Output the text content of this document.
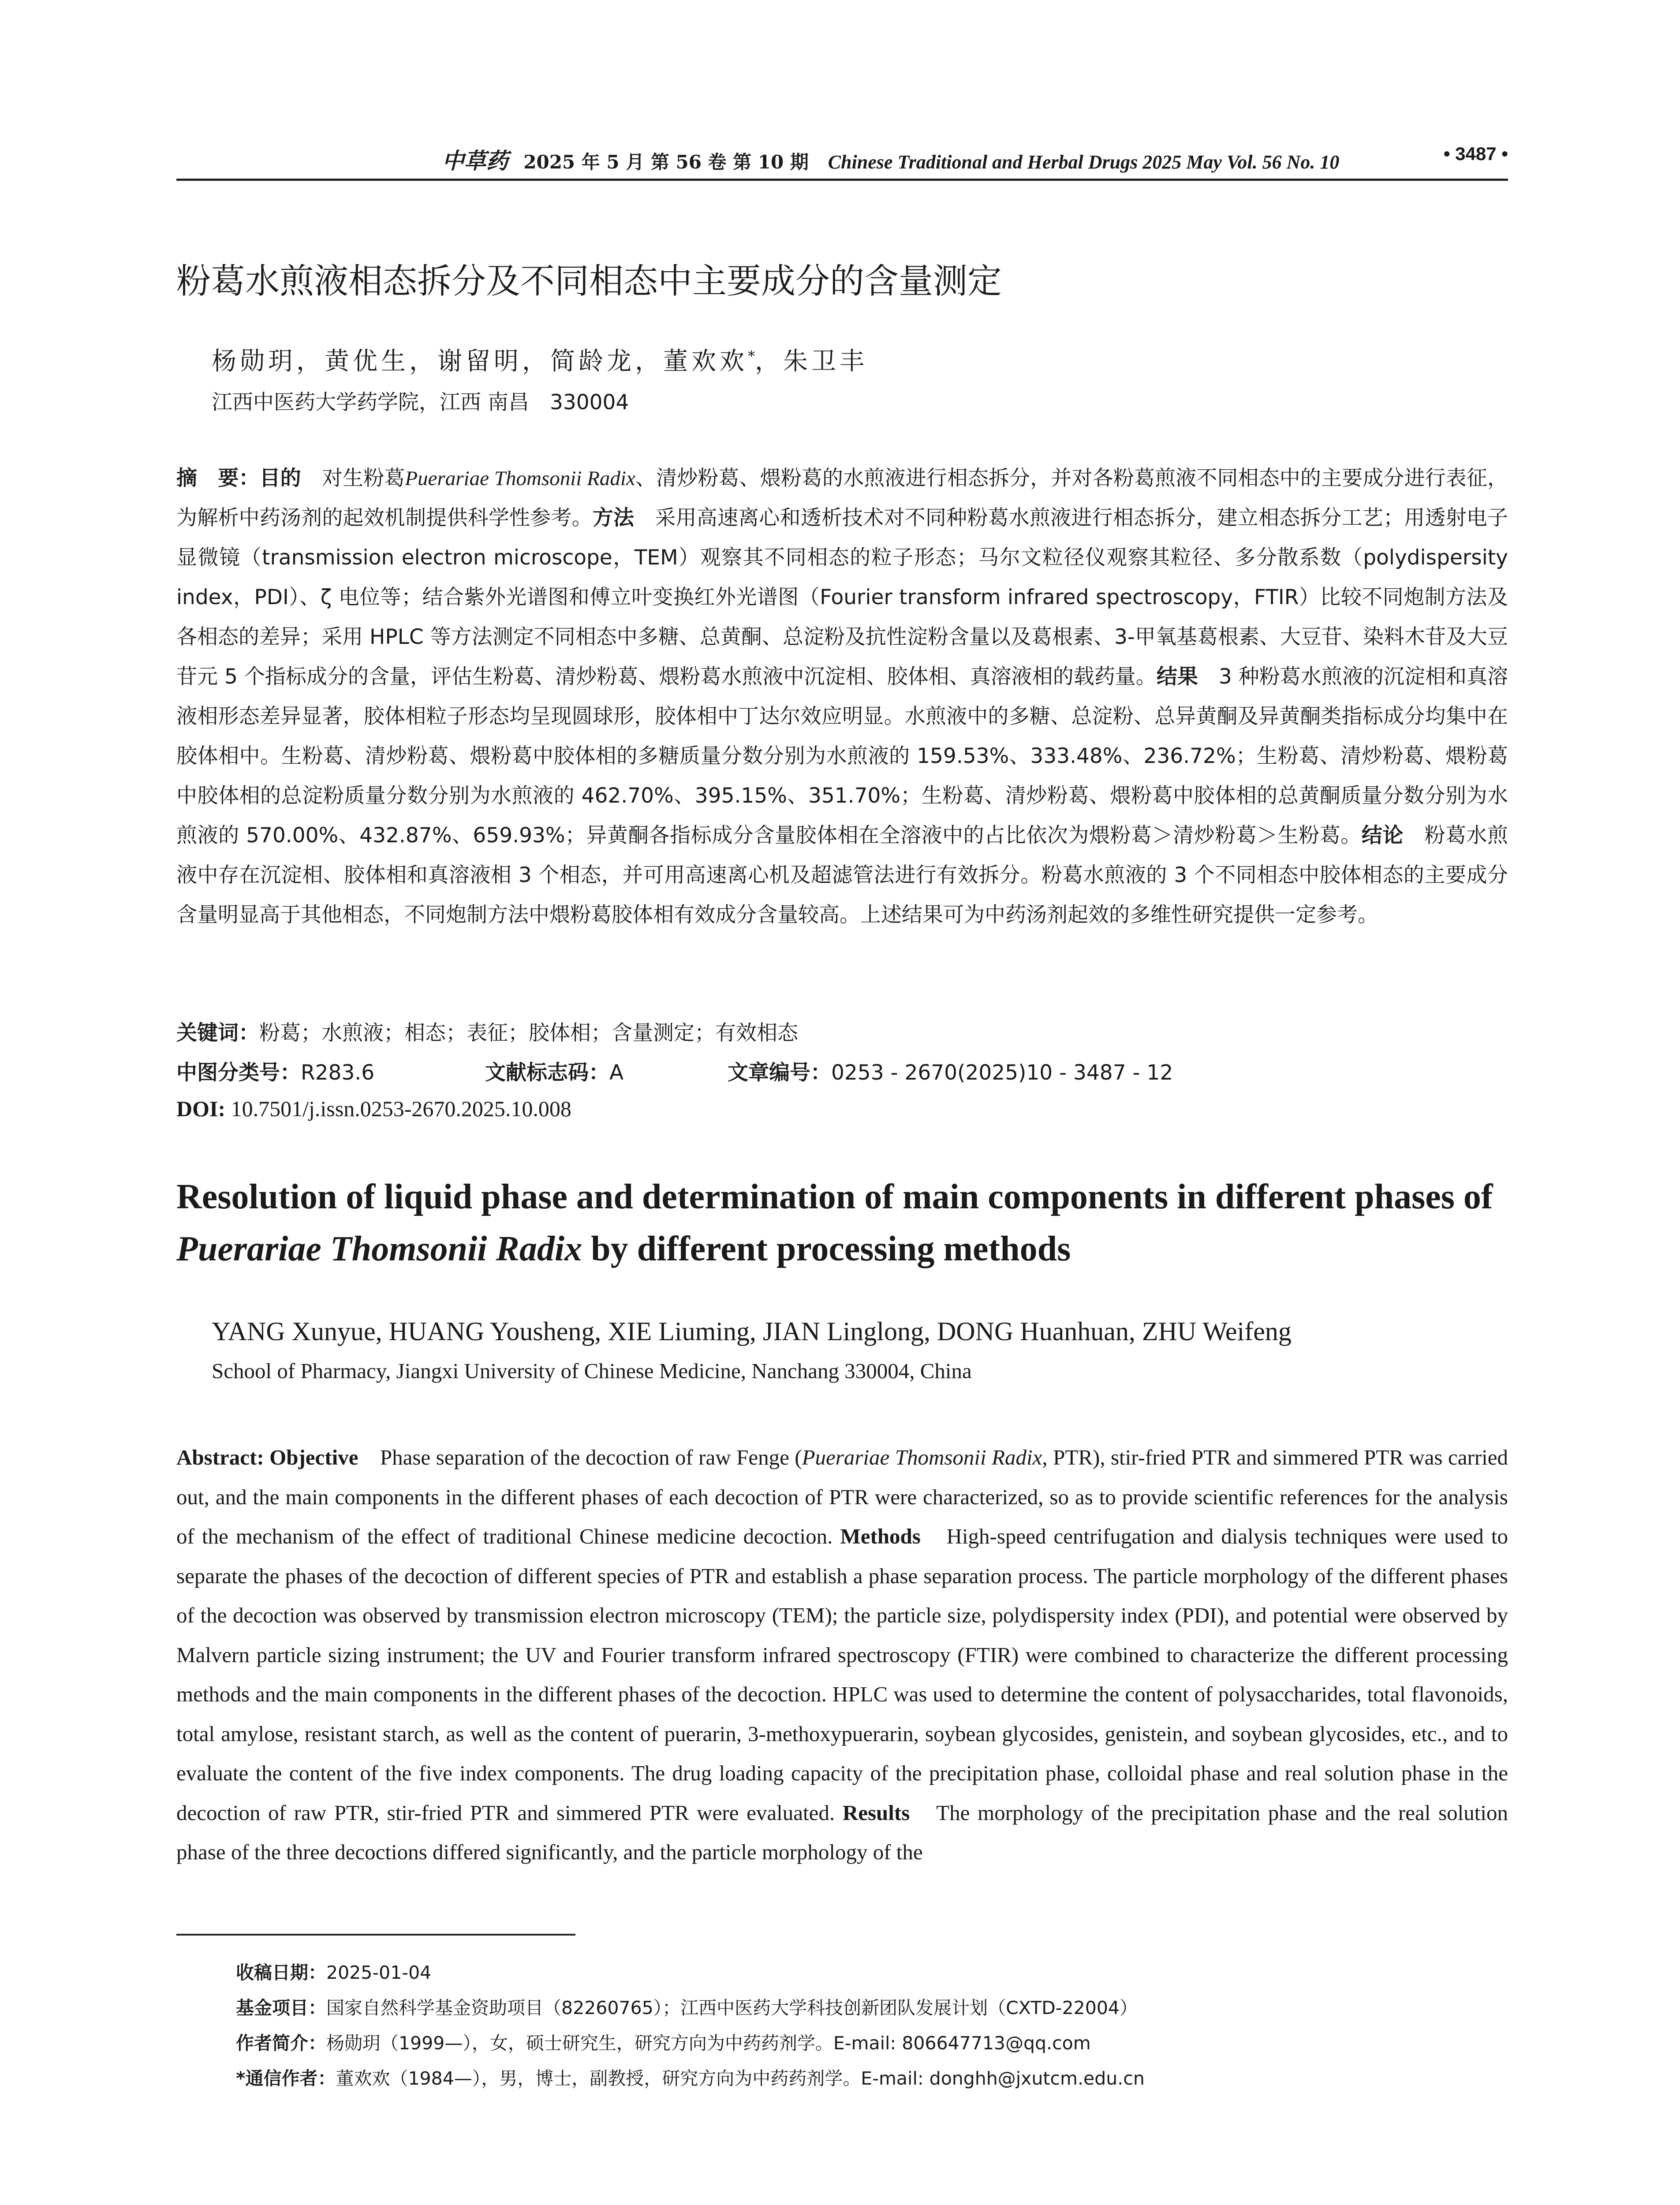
中草药 2025 年 5 月 第 56 卷 第 10 期 Chinese Traditional and Herbal Drugs 2025 May Vol. 56 No. 10	• 3487 •
粉葛水煎液相态拆分及不同相态中主要成分的含量测定
杨勋玥，黄优生，谢留明，简龄龙，董欢欢*，朱卫丰
江西中医药大学药学院，江西 南昌　330004
摘　要：目的　对生粉葛Puerariae Thomsonii Radix、清炒粉葛、煨粉葛的水煎液进行相态拆分，并对各粉葛煎液不同相态中的主要成分进行表征，为解析中药汤剂的起效机制提供科学性参考。方法　采用高速离心和透析技术对不同种粉葛水煎液进行相态拆分，建立相态拆分工艺；用透射电子显微镜（transmission electron microscope，TEM）观察其不同相态的粒子形态；马尔文粒径仪观察其粒径、多分散系数（polydispersity index，PDI）、ζ 电位等；结合紫外光谱图和傅立叶变换红外光谱图（Fourier transform infrared spectroscopy，FTIR）比较不同炮制方法及各相态的差异；采用 HPLC 等方法测定不同相态中多糖、总黄酮、总淀粉及抗性淀粉含量以及葛根素、3-甲氧基葛根素、大豆苷、染料木苷及大豆苷元 5 个指标成分的含量，评估生粉葛、清炒粉葛、煨粉葛水煎液中沉淀相、胶体相、真溶液相的载药量。结果　3 种粉葛水煎液的沉淀相和真溶液相形态差异显著，胶体相粒子形态均呈现圆球形，胶体相中丁达尔效应明显。水煎液中的多糖、总淀粉、总异黄酮及异黄酮类指标成分均集中在胶体相中。生粉葛、清炒粉葛、煨粉葛中胶体相的多糖质量分数分别为水煎液的 159.53%、333.48%、236.72%；生粉葛、清炒粉葛、煨粉葛中胶体相的总淀粉质量分数分别为水煎液的 462.70%、395.15%、351.70%；生粉葛、清炒粉葛、煨粉葛中胶体相的总黄酮质量分数分别为水煎液的 570.00%、432.87%、659.93%；异黄酮各指标成分含量胶体相在全溶液中的占比依次为煨粉葛＞清炒粉葛＞生粉葛。结论　粉葛水煎液中存在沉淀相、胶体相和真溶液相 3 个相态，并可用高速离心机及超滤管法进行有效拆分。粉葛水煎液的 3 个不同相态中胶体相态的主要成分含量明显高于其他相态，不同炮制方法中煨粉葛胶体相有效成分含量较高。上述结果可为中药汤剂起效的多维性研究提供一定参考。
关键词：粉葛；水煎液；相态；表征；胶体相；含量测定；有效相态
中图分类号：R283.6	文献标志码：A	文章编号：0253 - 2670(2025)10 - 3487 - 12
DOI: 10.7501/j.issn.0253-2670.2025.10.008
Resolution of liquid phase and determination of main components in different phases of Puerariae Thomsonii Radix by different processing methods
YANG Xunyue, HUANG Yousheng, XIE Liuming, JIAN Linglong, DONG Huanhuan, ZHU Weifeng
School of Pharmacy, Jiangxi University of Chinese Medicine, Nanchang 330004, China
Abstract: Objective　Phase separation of the decoction of raw Fenge (Puerariae Thomsonii Radix, PTR), stir-fried PTR and simmered PTR was carried out, and the main components in the different phases of each decoction of PTR were characterized, so as to provide scientific references for the analysis of the mechanism of the effect of traditional Chinese medicine decoction. Methods　High-speed centrifugation and dialysis techniques were used to separate the phases of the decoction of different species of PTR and establish a phase separation process. The particle morphology of the different phases of the decoction was observed by transmission electron microscopy (TEM); the particle size, polydispersity index (PDI), and potential were observed by Malvern particle sizing instrument; the UV and Fourier transform infrared spectroscopy (FTIR) were combined to characterize the different processing methods and the main components in the different phases of the decoction. HPLC was used to determine the content of polysaccharides, total flavonoids, total amylose, resistant starch, as well as the content of puerarin, 3-methoxypuerarin, soybean glycosides, genistein, and soybean glycosides, etc., and to evaluate the content of the five index components. The drug loading capacity of the precipitation phase, colloidal phase and real solution phase in the decoction of raw PTR, stir-fried PTR and simmered PTR were evaluated. Results　The morphology of the precipitation phase and the real solution phase of the three decoctions differed significantly, and the particle morphology of the
收稿日期：2025-01-04
基金项目：国家自然科学基金资助项目（82260765）；江西中医药大学科技创新团队发展计划（CXTD-22004）
作者简介：杨勋玥（1999—），女，硕士研究生，研究方向为中药药剂学。E-mail: 806647713@qq.com
*通信作者：董欢欢（1984—），男，博士，副教授，研究方向为中药药剂学。E-mail: donghh@jxutcm.edu.cn
